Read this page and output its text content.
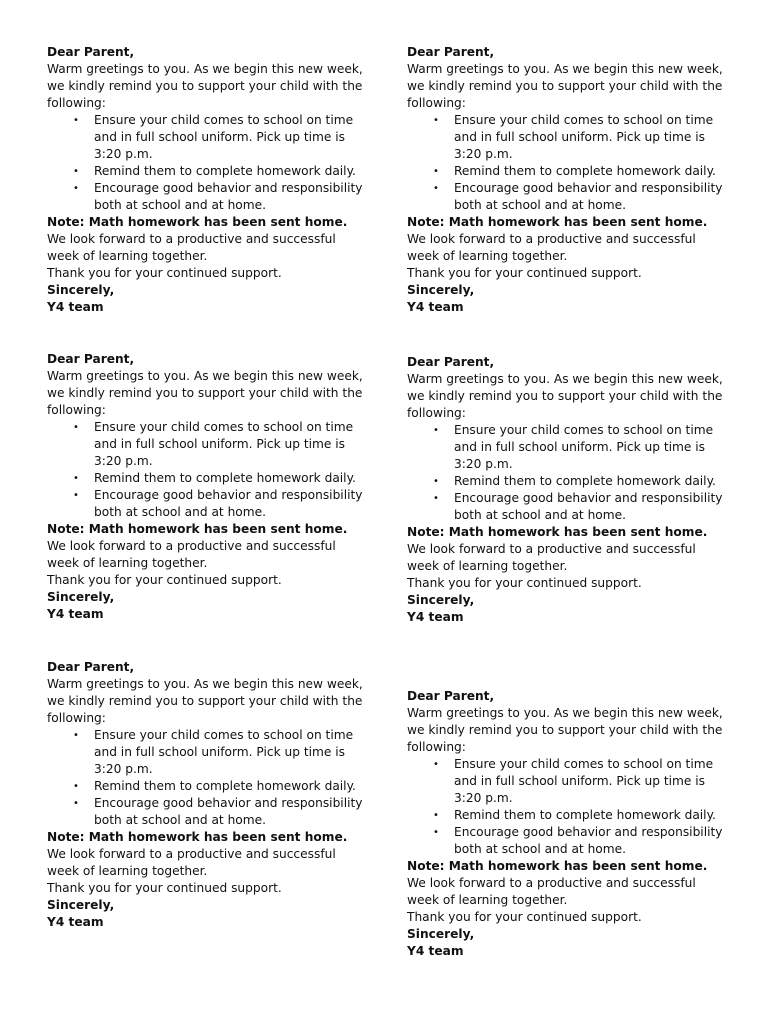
Dear Parent,
Warm greetings to you. As we begin this new week,
we kindly remind you to support your child with the
following:
• Ensure your child comes to school on time
and in full school uniform. Pick up time is
3:20 p.m.
• Remind them to complete homework daily.
• Encourage good behavior and responsibility
both at school and at home.
Note: Math homework has been sent home.
We look forward to a productive and successful
week of learning together.
Thank you for your continued support.
Sincerely,
Y4 team
Dear Parent,
Warm greetings to you. As we begin this new week,
we kindly remind you to support your child with the
following:
• Ensure your child comes to school on time
and in full school uniform. Pick up time is
3:20 p.m.
• Remind them to complete homework daily.
• Encourage good behavior and responsibility
both at school and at home.
Note: Math homework has been sent home.
We look forward to a productive and successful
week of learning together.
Thank you for your continued support.
Sincerely,
Y4 team
Dear Parent,
Warm greetings to you. As we begin this new week,
we kindly remind you to support your child with the
following:
• Ensure your child comes to school on time
and in full school uniform. Pick up time is
3:20 p.m.
• Remind them to complete homework daily.
• Encourage good behavior and responsibility
both at school and at home.
Note: Math homework has been sent home.
We look forward to a productive and successful
week of learning together.
Thank you for your continued support.
Sincerely,
Y4 team
Dear Parent,
Warm greetings to you. As we begin this new week,
we kindly remind you to support your child with the
following:
• Ensure your child comes to school on time
and in full school uniform. Pick up time is
3:20 p.m.
• Remind them to complete homework daily.
• Encourage good behavior and responsibility
both at school and at home.
Note: Math homework has been sent home.
We look forward to a productive and successful
week of learning together.
Thank you for your continued support.
Sincerely,
Y4 team
Dear Parent,
Warm greetings to you. As we begin this new week,
we kindly remind you to support your child with the
following:
• Ensure your child comes to school on time
and in full school uniform. Pick up time is
3:20 p.m.
• Remind them to complete homework daily.
• Encourage good behavior and responsibility
both at school and at home.
Note: Math homework has been sent home.
We look forward to a productive and successful
week of learning together.
Thank you for your continued support.
Sincerely,
Y4 team
Dear Parent,
Warm greetings to you. As we begin this new week,
we kindly remind you to support your child with the
following:
• Ensure your child comes to school on time
and in full school uniform. Pick up time is
3:20 p.m.
• Remind them to complete homework daily.
• Encourage good behavior and responsibility
both at school and at home.
Note: Math homework has been sent home.
We look forward to a productive and successful
week of learning together.
Thank you for your continued support.
Sincerely,
Y4 team
